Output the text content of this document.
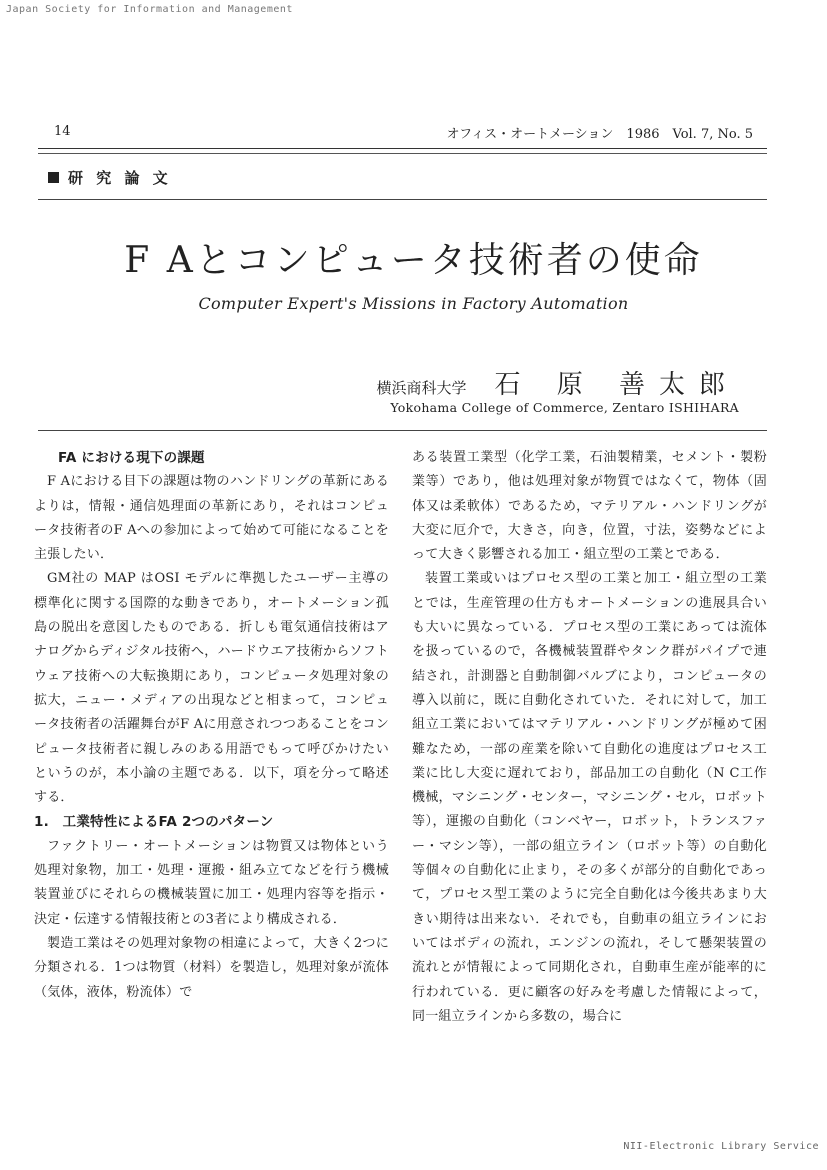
Japan Society for Information and Management
14	オフィス・オートメーション　1986　Vol. 7, No. 5
研 究 論 文
F Aとコンピュータ技術者の使命
Computer Expert's Missions in Factory Automation
横浜商科大学 石 原 善太郎
Yokohama College of Commerce, Zentaro ISHIHARA

FA における現下の課題

F Aにおける目下の課題は物のハンドリングの革新にあるよりは，情報・通信処理面の革新にあり，それはコンピュータ技術者のF Aへの参加によって始めて可能になることを主張したい．

GM社の MAP はOSI モデルに準拠したユーザー主導の標準化に関する国際的な動きであり，オートメーション孤島の脱出を意図したものである．折しも電気通信技術はアナログからディジタル技術へ，ハードウエア技術からソフトウェア技術への大転換期にあり，コンピュータ処理対象の拡大，ニュー・メディアの出現などと相まって，コンピュータ技術者の活躍舞台がF Aに用意されつつあることをコンピュータ技術者に親しみのある用語でもって呼びかけたいというのが，本小論の主題である．以下，項を分って略述する．

1.　工業特性によるFA 2つのパターン

ファクトリー・オートメーションは物質又は物体という処理対象物，加工・処理・運搬・組み立てなどを行う機械装置並びにそれらの機械装置に加工・処理内容等を指示・決定・伝達する情報技術との3者により構成される．

製造工業はその処理対象物の相違によって，大きく2つに分類される．1つは物質（材料）を製造し，処理対象が流体（気体，液体，粉流体）で

ある装置工業型（化学工業，石油製精業，セメント・製粉業等）であり，他は処理対象が物質ではなくて，物体（固体又は柔軟体）であるため，マテリアル・ハンドリングが大変に厄介で，大きさ，向き，位置，寸法，姿勢などによって大きく影響される加工・組立型の工業とである．

装置工業或いはプロセス型の工業と加工・組立型の工業とでは，生産管理の仕方もオートメーションの進展具合いも大いに異なっている．プロセス型の工業にあっては流体を扱っているので，各機械装置群やタンク群がパイプで連結され，計測器と自動制御バルブにより，コンピュータの導入以前に，既に自動化されていた．それに対して，加工組立工業においてはマテリアル・ハンドリングが極めて困難なため，一部の産業を除いて自動化の進度はプロセス工業に比し大変に遅れており，部品加工の自動化（N C工作機械，マシニング・センター，マシニング・セル，ロボット等），運搬の自動化（コンベヤー，ロボット，トランスファー・マシン等），一部の組立ライン（ロボット等）の自動化等個々の自動化に止まり，その多くが部分的自動化であって，プロセス型工業のように完全自動化は今後共あまり大きい期待は出来ない．それでも，自動車の組立ラインにおいてはボディの流れ，エンジンの流れ，そして懸架装置の流れとが情報によって同期化され，自動車生産が能率的に行われている．更に顧客の好みを考慮した情報によって，同一組立ラインから多数の，場合に

NII-Electronic Library Service
